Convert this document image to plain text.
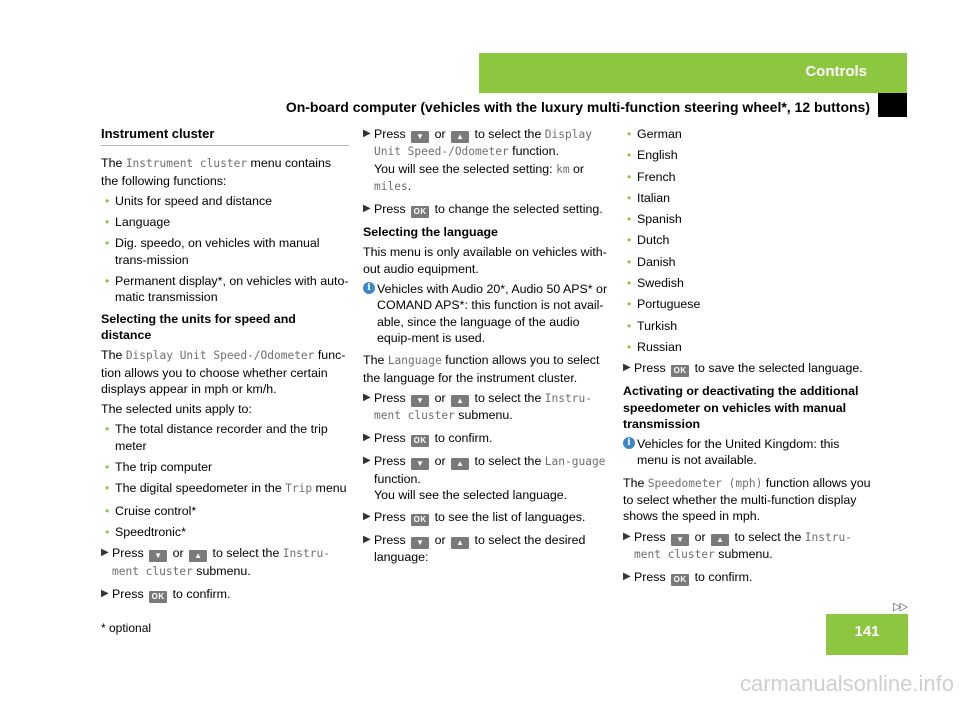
Controls
On-board computer (vehicles with the luxury multi-function steering wheel*, 12 buttons)
Instrument cluster

The Instrument cluster menu contains the following functions:

• Units for speed and distance
• Language
• Dig. speedo, on vehicles with manual trans-mission
• Permanent display*, on vehicles with auto-matic transmission
Selecting the units for speed and distance

The Display Unit Speed-/Odometer func-tion allows you to choose whether certain displays appear in mph or km/h.

The selected units apply to:

• The total distance recorder and the trip meter
• The trip computer
• The digital speedometer in the Trip menu
• Cruise control*
• Speedtronic*
▶ Press ▼ or ▲ to select the Instru-ment cluster submenu.
▶ Press OK to confirm.
▶ Press ▼ or ▲ to select the Display Unit Speed-/Odometer function.
You will see the selected setting: km or miles.
▶ Press OK to change the selected setting.
Selecting the language

This menu is only available on vehicles with-out audio equipment.

i Vehicles with Audio 20*, Audio 50 APS* or COMAND APS*: this function is not avail-able, since the language of the audio equip-ment is used.

The Language function allows you to select the language for the instrument cluster.

▶ Press ▼ or ▲ to select the Instru-ment cluster submenu.
▶ Press OK to confirm.
▶ Press ▼ or ▲ to select the Lan-guage function.
You will see the selected language.
▶ Press OK to see the list of languages.
▶ Press ▼ or ▲ to select the desired language:
• German
• English
• French
• Italian
• Spanish
• Dutch
• Danish
• Swedish
• Portuguese
• Turkish
• Russian
▶ Press OK to save the selected language.
Activating or deactivating the additional speedometer on vehicles with manual transmission
i Vehicles for the United Kingdom: this menu is not available.

The Speedometer (mph) function allows you to select whether the multi-function display shows the speed in mph.

▶ Press ▼ or ▲ to select the Instru-ment cluster submenu.
▶ Press OK to confirm.
▷▷
141
* optional
carmanualsonline.info
